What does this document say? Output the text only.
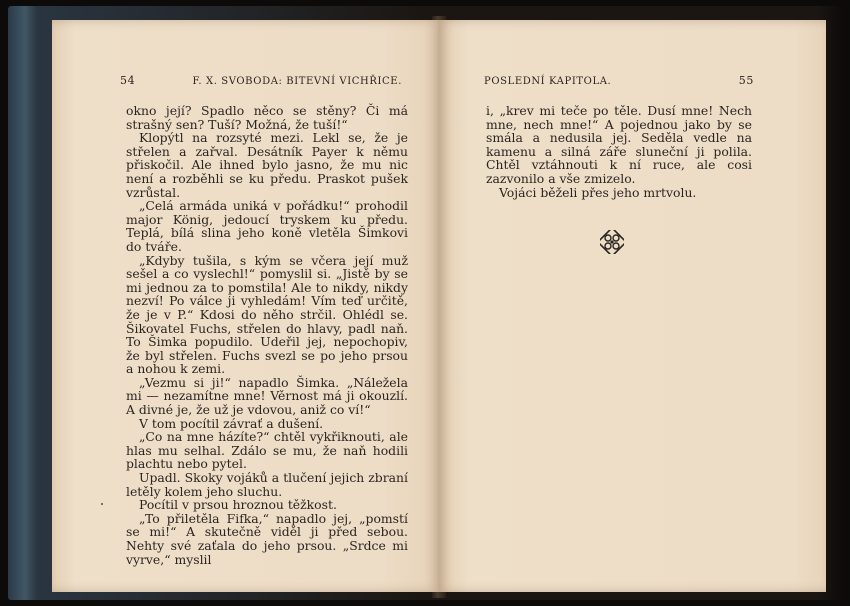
54	F. X. SVOBODA: BITEVNÍ VICHŘICE.

okno její? Spadlo něco se stěny? Či má strašný sen? Tuší? Možná, že tuší!“

Klopýtl na rozsyté mezi. Lekl se, že je střelen a zařval. Desátník Payer k němu přiskočil. Ale ihned bylo jasno, že mu nic není a rozběhli se ku předu. Praskot pušek vzrůstal.

„Celá armáda uniká v pořádku!“ prohodil major König, jedoucí tryskem ku předu. Teplá, bílá slina jeho koně vletěla Šimkovi do tváře.

„Kdyby tušila, s kým se včera její muž sešel a co vyslechl!“ pomyslil si. „Jistě by se mi jednou za to pomstila! Ale to nikdy, nikdy nezví! Po válce ji vyhledám! Vím teď určitě, že je v P.“ Kdosi do něho strčil. Ohlédl se. Šikovatel Fuchs, střelen do hlavy, padl naň. To Šimka popudilo. Udeřil jej, nepochopiv, že byl střelen. Fuchs svezl se po jeho prsou a nohou k zemi.

„Vezmu si ji!“ napadlo Šimka. „Náležela mi — nezamítne mne! Věrnost má ji okouzlí. A divné je, že už je vdovou, aniž co ví!“

V tom pocítil závrať a dušení.

„Co na mne házíte?“ chtěl vykřiknouti, ale hlas mu selhal. Zdálo se mu, že naň hodili plachtu nebo pytel.

Upadl. Skoky vojáků a tlučení jejich zbraní letěly kolem jeho sluchu.

Pocítil v prsou hroznou těžkost.

„To přiletěla Fifka,“ napadlo jej, „pomstí se mi!“ A skutečně viděl ji před sebou. Nehty své zaťala do jeho prsou. „Srdce mi vyrve,“ myslil

POSLEDNÍ KAPITOLA.	55

i, „krev mi teče po těle. Dusí mne! Nech mne, nech mne!“ A pojednou jako by se smála a nedusila jej. Seděla vedle na kamenu a silná záře sluneční ji polila. Chtěl vztáhnouti k ní ruce, ale cosi zazvonilo a vše zmizelo.

Vojáci běželi přes jeho mrtvolu.
